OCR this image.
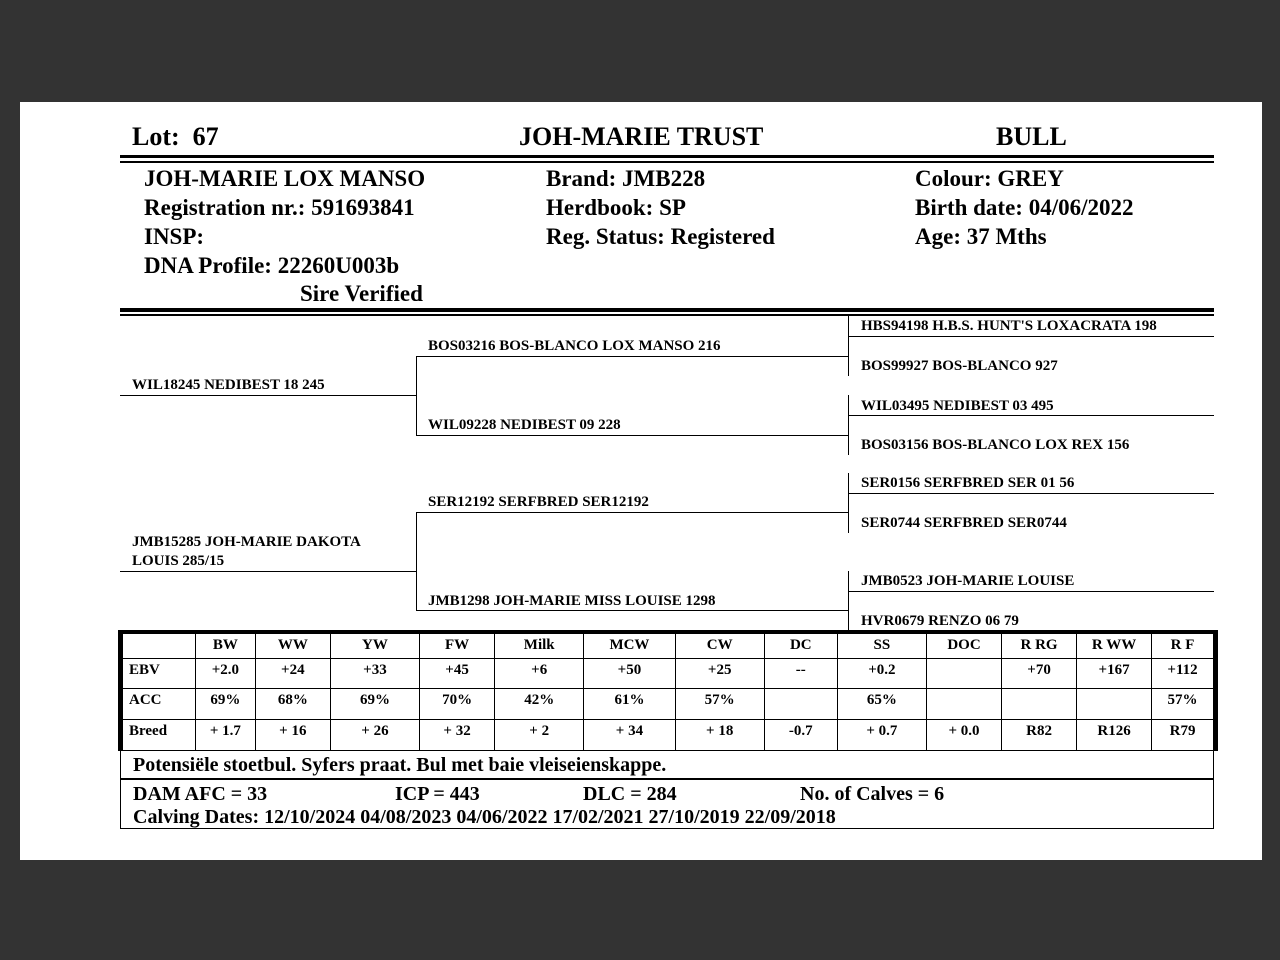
Lot: 67	JOH-MARIE TRUST	BULL
JOH-MARIE LOX MANSO
Registration nr.: 591693841
INSP:
DNA Profile: 22260U003b
Sire Verified
Brand: JMB228
Herdbook: SP
Reg. Status: Registered
Colour: GREY
Birth date: 04/06/2022
Age: 37 Mths
WIL18245 NEDIBEST 18 245
JMB15285 JOH-MARIE DAKOTA
LOUIS 285/15
BOS03216 BOS-BLANCO LOX MANSO 216
WIL09228 NEDIBEST 09 228
SER12192 SERFBRED SER12192
JMB1298 JOH-MARIE MISS LOUISE 1298
HBS94198 H.B.S. HUNT'S LOXACRATA 198
BOS99927 BOS-BLANCO 927
WIL03495 NEDIBEST 03 495
BOS03156 BOS-BLANCO LOX REX 156
SER0156 SERFBRED SER 01 56
SER0744 SERFBRED SER0744
JMB0523 JOH-MARIE LOUISE
HVR0679 RENZO 06 79
	BW	WW	YW	FW	Milk	MCW	CW	DC	SS	DOC	R RG	R WW	R F
EBV	+2.0	+24	+33	+45	+6	+50	+25	--	+0.2		+70	+167	+112
ACC	69%	68%	69%	70%	42%	61%	57%		65%				57%
Breed	+ 1.7	+ 16	+ 26	+ 32	+ 2	+ 34	+ 18	-0.7	+ 0.7	+ 0.0	R82	R126	R79
Potensiële stoetbul. Syfers praat. Bul met baie vleiseienskappe.
DAM AFC = 33	ICP = 443	DLC = 284	No. of Calves = 6
Calving Dates: 12/10/2024 04/08/2023 04/06/2022 17/02/2021 27/10/2019 22/09/2018
